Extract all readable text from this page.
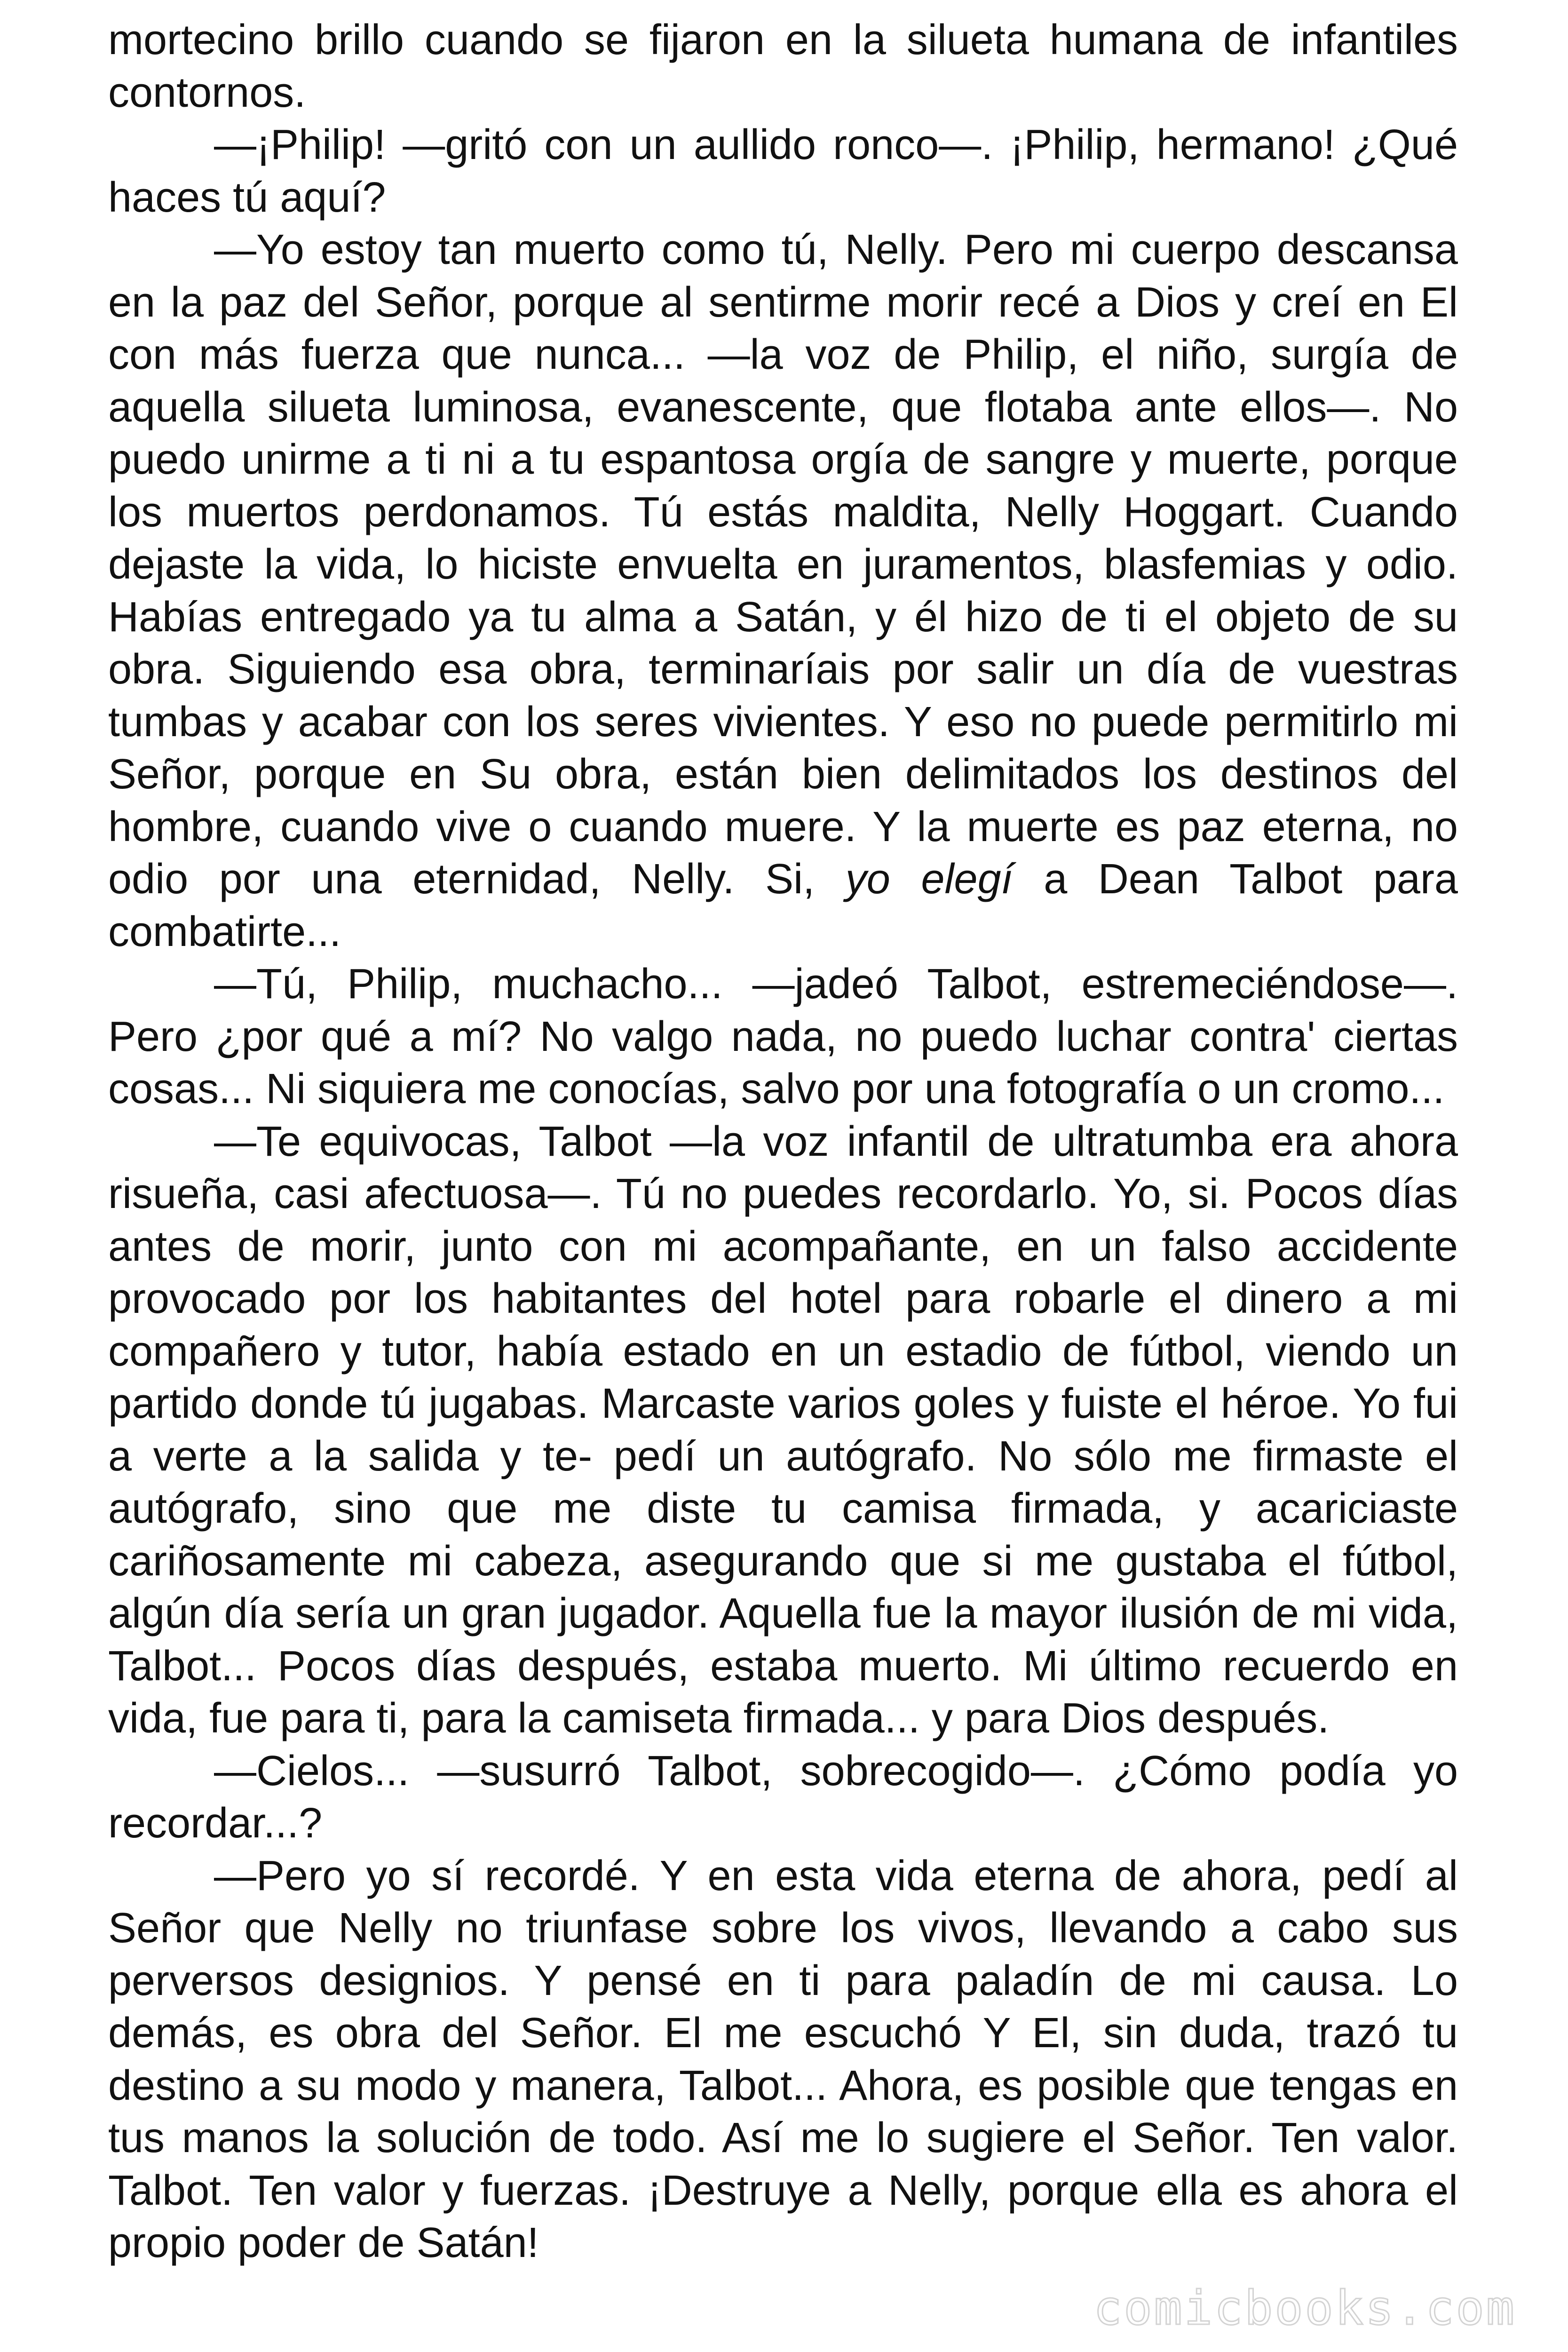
mortecino brillo cuando se fijaron en la silueta humana de infantiles contornos.

—¡Philip! —gritó con un aullido ronco—. ¡Philip, hermano! ¿Qué haces tú aquí?

—Yo estoy tan muerto como tú, Nelly. Pero mi cuerpo descansa en la paz del Señor, porque al sentirme morir recé a Dios y creí en El con más fuerza que nunca... —la voz de Philip, el niño, surgía de aquella silueta luminosa, evanescente, que flotaba ante ellos—. No puedo unirme a ti ni a tu espantosa orgía de sangre y muerte, porque los muertos perdonamos. Tú estás maldita, Nelly Hoggart. Cuando dejaste la vida, lo hiciste envuelta en juramentos, blasfemias y odio. Habías entregado ya tu alma a Satán, y él hizo de ti el objeto de su obra. Siguiendo esa obra, terminaríais por salir un día de vuestras tumbas y acabar con los seres vivientes. Y eso no puede permitirlo mi Señor, porque en Su obra, están bien delimitados los destinos del hombre, cuando vive o cuando muere. Y la muerte es paz eterna, no odio por una eternidad, Nelly. Si, yo elegí a Dean Talbot para combatirte...

—Tú, Philip, muchacho... —jadeó Talbot, estremeciéndose—. Pero ¿por qué a mí? No valgo nada, no puedo luchar contra' ciertas cosas... Ni siquiera me conocías, salvo por una fotografía o un cromo...

—Te equivocas, Talbot —la voz infantil de ultratumba era ahora risueña, casi afectuosa—. Tú no puedes recordarlo. Yo, si. Pocos días antes de morir, junto con mi acompañante, en un falso accidente provocado por los habitantes del hotel para robarle el dinero a mi compañero y tutor, había estado en un estadio de fútbol, viendo un partido donde tú jugabas. Marcaste varios goles y fuiste el héroe. Yo fui a verte a la salida y te- pedí un autógrafo. No sólo me firmaste el autógrafo, sino que me diste tu camisa firmada, y acariciaste cariñosamente mi cabeza, asegurando que si me gustaba el fútbol, algún día sería un gran jugador. Aquella fue la mayor ilusión de mi vida, Talbot... Pocos días después, estaba muerto. Mi último recuerdo en vida, fue para ti, para la camiseta firmada... y para Dios después.

—Cielos... —susurró Talbot, sobrecogido—. ¿Cómo podía yo recordar...?

—Pero yo sí recordé. Y en esta vida eterna de ahora, pedí al Señor que Nelly no triunfase sobre los vivos, llevando a cabo sus perversos designios. Y pensé en ti para paladín de mi causa. Lo demás, es obra del Señor. El me escuchó Y El, sin duda, trazó tu destino a su modo y manera, Talbot... Ahora, es posible que tengas en tus manos la solución de todo. Así me lo sugiere el Señor. Ten valor. Talbot. Ten valor y fuerzas. ¡Destruye a Nelly, porque ella es ahora el propio poder de Satán!

comicbooks.com
